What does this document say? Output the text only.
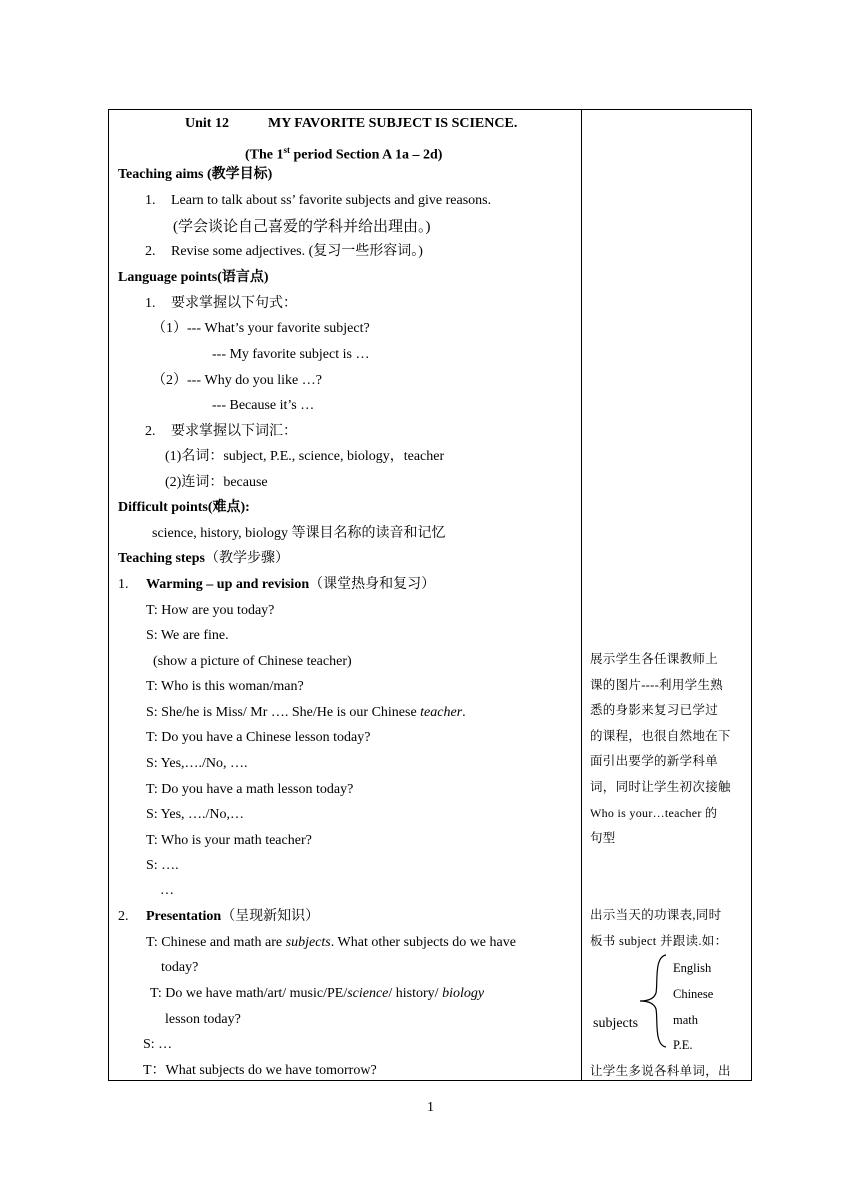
Unit 12	MY FAVORITE SUBJECT IS SCIENCE.
(The 1st period Section A 1a – 2d)
Teaching aims (教学目标)
1. Learn to talk about ss’ favorite subjects and give reasons.
(学会谈论自己喜爱的学科并给出理由。)
2. Revise some adjectives. (复习一些形容词。)
Language points(语言点)
1. 要求掌握以下句式：
（1）--- What’s your favorite subject?
--- My favorite subject is …
（2）--- Why do you like …?
--- Because it’s …
2. 要求掌握以下词汇：
(1)名词：subject, P.E., science, biology，teacher
(2)连词：because
Difficult points(难点):
science, history, biology 等课目名称的读音和记忆
Teaching steps（教学步骤）
1. Warming – up and revision（课堂热身和复习）
T: How are you today?
S: We are fine.
(show a picture of Chinese teacher)
T: Who is this woman/man?
S: She/he is Miss/ Mr …. She/He is our Chinese teacher.
T: Do you have a Chinese lesson today?
S: Yes,…./No, ….
T: Do you have a math lesson today?
S: Yes, …./No,…
T: Who is your math teacher?
S: ….
…
2. Presentation（呈现新知识）
T: Chinese and math are subjects. What other subjects do we have
today?
T: Do we have math/art/ music/PE/science/ history/ biology
lesson today?
S: …
T：What subjects do we have tomorrow?
展示学生各任课教师上
课的图片----利用学生熟
悉的身影来复习已学过
的课程，也很自然地在下
面引出要学的新学科单
词，同时让学生初次接触
Who is your…teacher 的
句型
出示当天的功课表,同时
板书 subject 并跟读.如：
subjects
English
Chinese
math
P.E.
让学生多说各科单词，出
1
